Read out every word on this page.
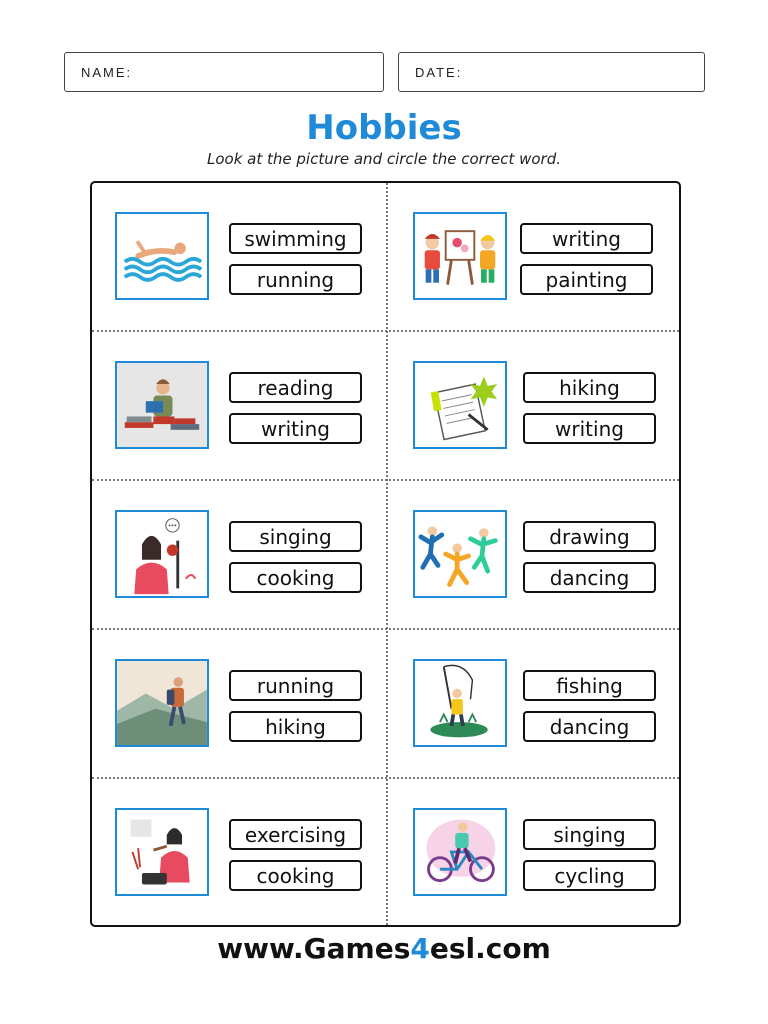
NAME:	DATE:
Hobbies
Look at the picture and circle the correct word.
swimming
running
writing
painting
reading
writing
hiking
writing
singing
cooking
drawing
dancing
running
hiking
fishing
dancing
exercising
cooking
singing
cycling
www.Games4esl.com
